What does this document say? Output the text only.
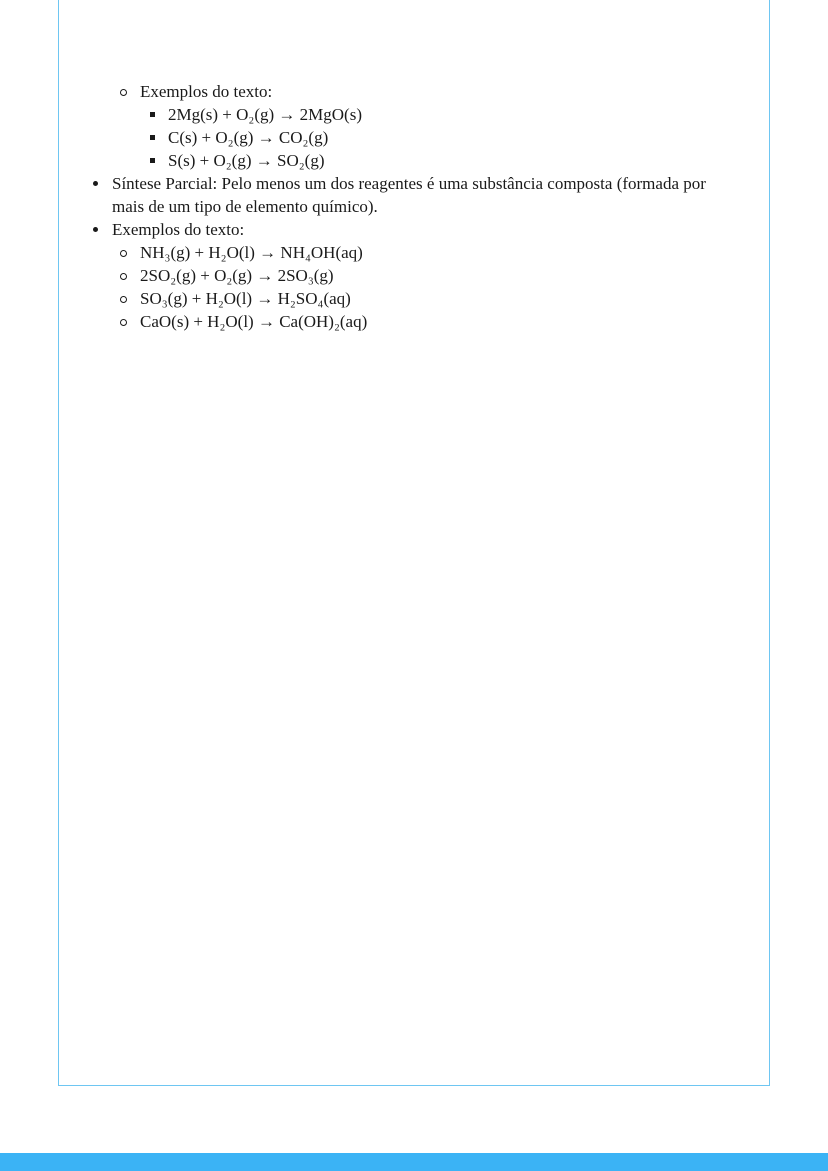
Exemplos do texto:
2Mg(s) + O₂(g) → 2MgO(s)
C(s) + O₂(g) → CO₂(g)
S(s) + O₂(g) → SO₂(g)
Síntese Parcial: Pelo menos um dos reagentes é uma substância composta (formada por
mais de um tipo de elemento químico).
Exemplos do texto:
NH₃(g) + H₂O(l) → NH₄OH(aq)
2SO₂(g) + O₂(g) → 2SO₃(g)
SO₃(g) + H₂O(l) → H₂SO₄(aq)
CaO(s) + H₂O(l) → Ca(OH)₂(aq)
